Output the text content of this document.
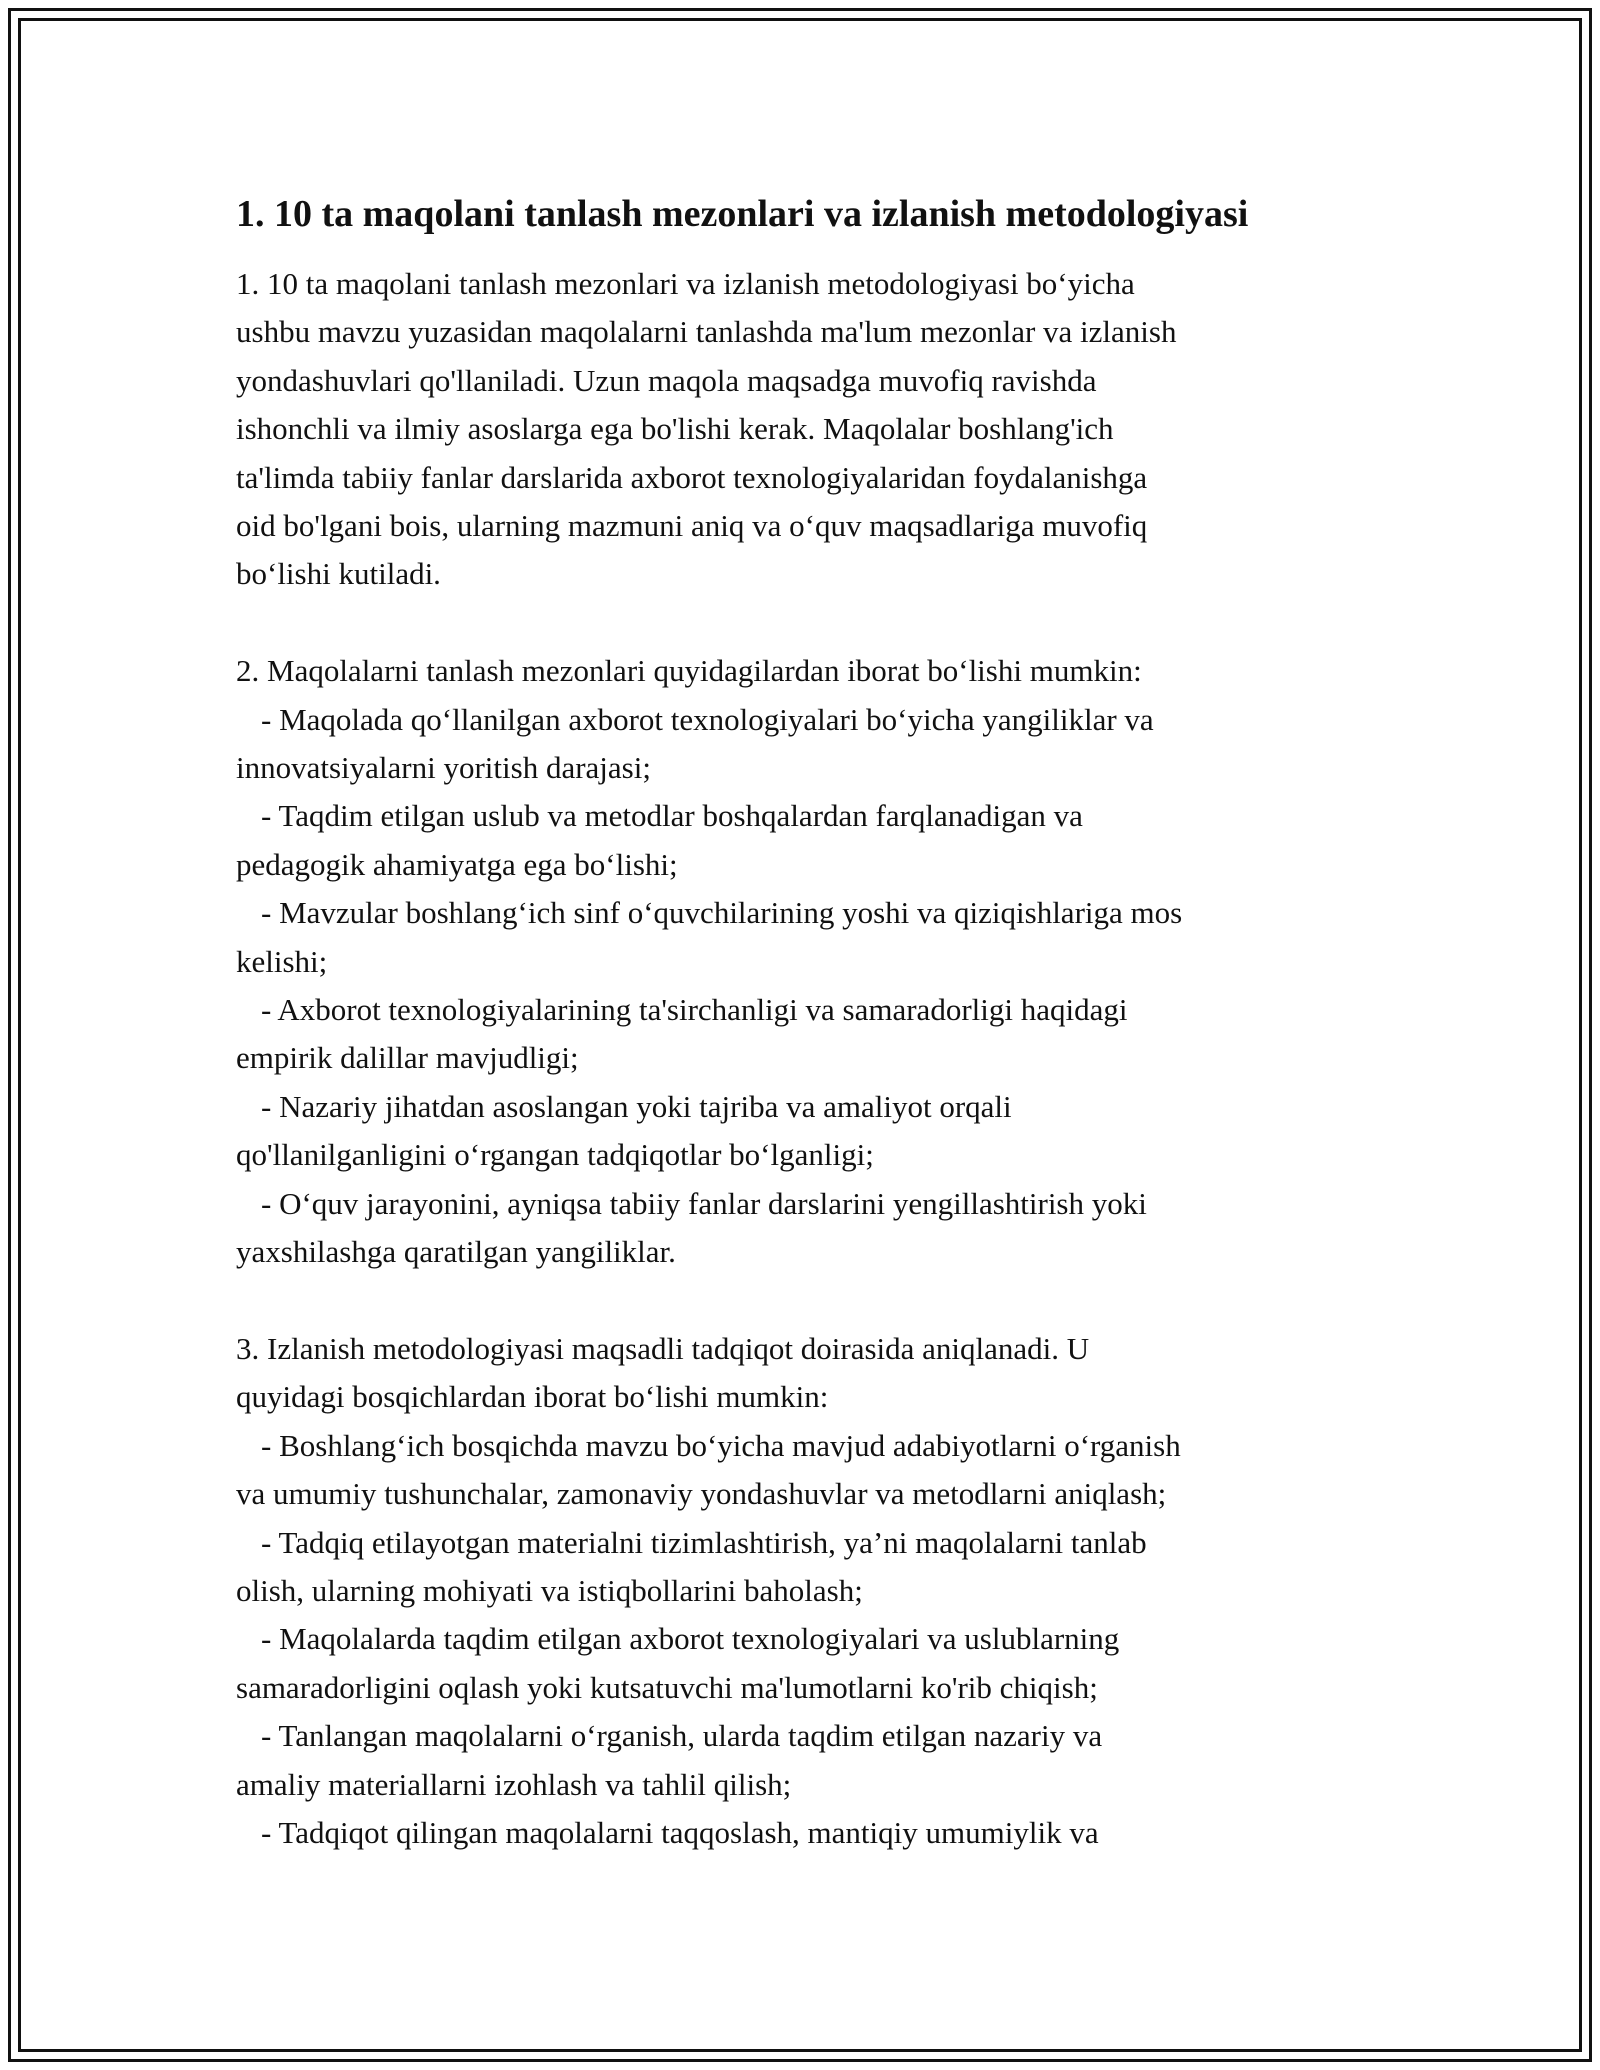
1. 10 ta maqolani tanlash mezonlari va izlanish metodologiyasi

1. 10 ta maqolani tanlash mezonlari va izlanish metodologiyasi bo‘yicha

ushbu mavzu yuzasidan maqolalarni tanlashda ma'lum mezonlar va izlanish

yondashuvlari qo'llaniladi. Uzun maqola maqsadga muvofiq ravishda

ishonchli va ilmiy asoslarga ega bo'lishi kerak. Maqolalar boshlang'ich

ta'limda tabiiy fanlar darslarida axborot texnologiyalaridan foydalanishga

oid bo'lgani bois, ularning mazmuni aniq va o‘quv maqsadlariga muvofiq

bo‘lishi kutiladi.

2. Maqolalarni tanlash mezonlari quyidagilardan iborat bo‘lishi mumkin:

- Maqolada qo‘llanilgan axborot texnologiyalari bo‘yicha yangiliklar va

innovatsiyalarni yoritish darajasi;

- Taqdim etilgan uslub va metodlar boshqalardan farqlanadigan va

pedagogik ahamiyatga ega bo‘lishi;

- Mavzular boshlang‘ich sinf o‘quvchilarining yoshi va qiziqishlariga mos

kelishi;

- Axborot texnologiyalarining ta'sirchanligi va samaradorligi haqidagi

empirik dalillar mavjudligi;

- Nazariy jihatdan asoslangan yoki tajriba va amaliyot orqali

qo'llanilganligini o‘rgangan tadqiqotlar bo‘lganligi;

- O‘quv jarayonini, ayniqsa tabiiy fanlar darslarini yengillashtirish yoki

yaxshilashga qaratilgan yangiliklar.

3. Izlanish metodologiyasi maqsadli tadqiqot doirasida aniqlanadi. U

quyidagi bosqichlardan iborat bo‘lishi mumkin:

- Boshlang‘ich bosqichda mavzu bo‘yicha mavjud adabiyotlarni o‘rganish

va umumiy tushunchalar, zamonaviy yondashuvlar va metodlarni aniqlash;

- Tadqiq etilayotgan materialni tizimlashtirish, ya’ni maqolalarni tanlab

olish, ularning mohiyati va istiqbollarini baholash;

- Maqolalarda taqdim etilgan axborot texnologiyalari va uslublarning

samaradorligini oqlash yoki kutsatuvchi ma'lumotlarni ko'rib chiqish;

- Tanlangan maqolalarni o‘rganish, ularda taqdim etilgan nazariy va

amaliy materiallarni izohlash va tahlil qilish;

- Tadqiqot qilingan maqolalarni taqqoslash, mantiqiy umumiylik va
